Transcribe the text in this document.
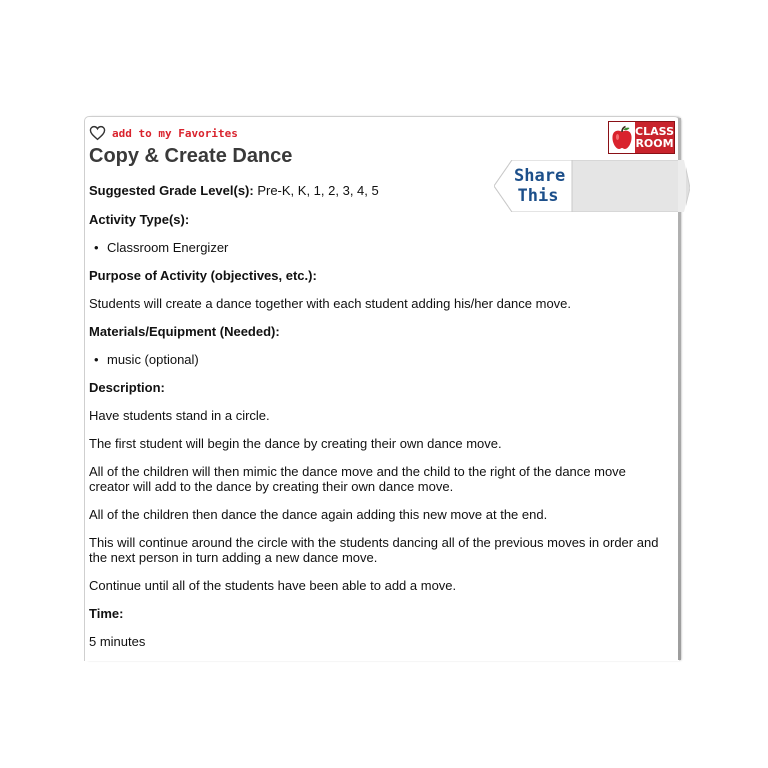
add to my Favorites
Copy & Create Dance
CLASS
ROOM
Share
This
Suggested Grade Level(s): Pre-K, K, 1, 2, 3, 4, 5
Activity Type(s):
• Classroom Energizer
Purpose of Activity (objectives, etc.):
Students will create a dance together with each student adding his/her dance move.
Materials/Equipment (Needed):
• music (optional)
Description:
Have students stand in a circle.
The first student will begin the dance by creating their own dance move.
All of the children will then mimic the dance move and the child to the right of the dance move creator will add to the dance by creating their own dance move.
All of the children then dance the dance again adding this new move at the end.
This will continue around the circle with the students dancing all of the previous moves in order and the next person in turn adding a new dance move.
Continue until all of the students have been able to add a move.
Time:
5 minutes
